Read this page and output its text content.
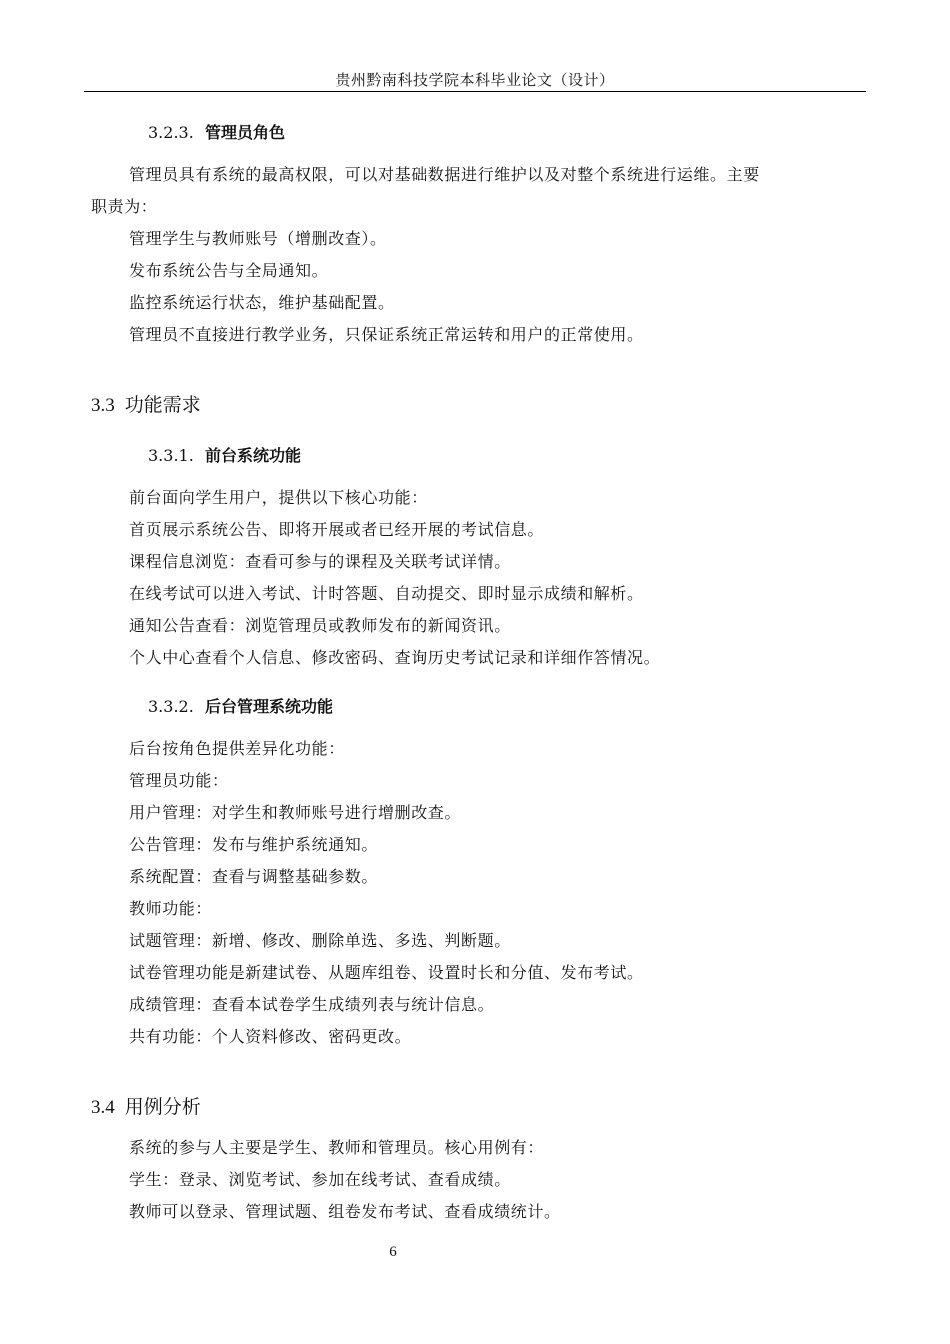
贵州黔南科技学院本科毕业论文（设计）
3.2.3. 管理员角色
管理员具有系统的最高权限，可以对基础数据进行维护以及对整个系统进行运维。主要
职责为：
管理学生与教师账号（增删改查）。
发布系统公告与全局通知。
监控系统运行状态，维护基础配置。
管理员不直接进行教学业务，只保证系统正常运转和用户的正常使用。
3.3 功能需求
3.3.1. 前台系统功能
前台面向学生用户，提供以下核心功能：
首页展示系统公告、即将开展或者已经开展的考试信息。
课程信息浏览：查看可参与的课程及关联考试详情。
在线考试可以进入考试、计时答题、自动提交、即时显示成绩和解析。
通知公告查看：浏览管理员或教师发布的新闻资讯。
个人中心查看个人信息、修改密码、查询历史考试记录和详细作答情况。
3.3.2. 后台管理系统功能
后台按角色提供差异化功能：
管理员功能：
用户管理：对学生和教师账号进行增删改查。
公告管理：发布与维护系统通知。
系统配置：查看与调整基础参数。
教师功能：
试题管理：新增、修改、删除单选、多选、判断题。
试卷管理功能是新建试卷、从题库组卷、设置时长和分值、发布考试。
成绩管理：查看本试卷学生成绩列表与统计信息。
共有功能：个人资料修改、密码更改。
3.4 用例分析
系统的参与人主要是学生、教师和管理员。核心用例有：
学生：登录、浏览考试、参加在线考试、查看成绩。
教师可以登录、管理试题、组卷发布考试、查看成绩统计。
6
